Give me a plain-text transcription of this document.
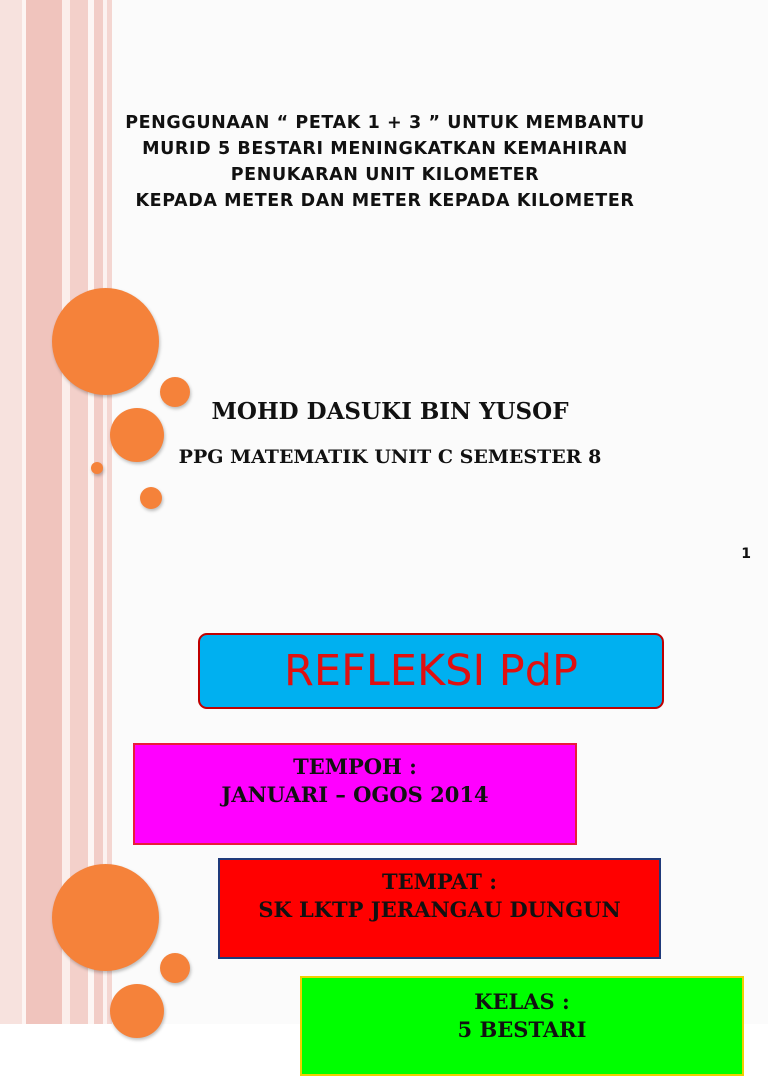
PENGGUNAAN “ PETAK 1 + 3 ” UNTUK MEMBANTU
MURID 5 BESTARI MENINGKATKAN KEMAHIRAN
PENUKARAN UNIT KILOMETER
KEPADA METER DAN METER KEPADA KILOMETER
MOHD DASUKI BIN YUSOF
PPG MATEMATIK UNIT C SEMESTER 8
1
REFLEKSI PdP
TEMPOH :
JANUARI – OGOS 2014
TEMPAT :
SK LKTP JERANGAU DUNGUN
KELAS :
5 BESTARI
